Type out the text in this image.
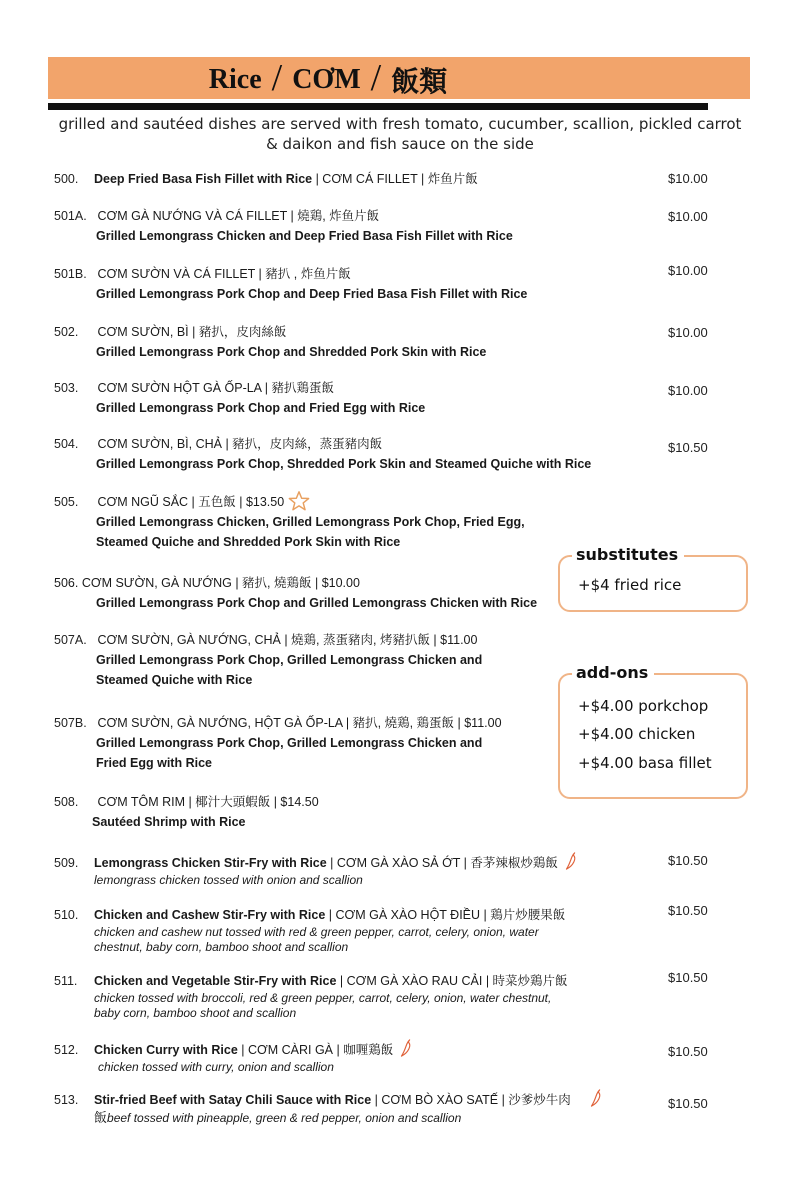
Rice / CƠM / 飯類
grilled and sautéed dishes are served with fresh tomato, cucumber, scallion, pickled carrot
& daikon and fish sauce on the side
500. Deep Fried Basa Fish Fillet with Rice | CƠM CÁ FILLET | 炸鱼片飯	$10.00
501A. CƠM GÀ NƯỚNG VÀ CÁ FILLET | 燒鶏, 炸鱼片飯
Grilled Lemongrass Chicken and Deep Fried Basa Fish Fillet with Rice
$10.00
501B. CƠM SƯỜN VÀ CÁ FILLET | 豬扒 , 炸鱼片飯
Grilled Lemongrass Pork Chop and Deep Fried Basa Fish Fillet with Rice
$10.00
502. CƠM SƯỜN, BÌ | 豬扒，皮肉絲飯
Grilled Lemongrass Pork Chop and Shredded Pork Skin with Rice
$10.00
503. CƠM SƯỜN HỘT GÀ ỐP-LA | 豬扒鶏蛋飯
Grilled Lemongrass Pork Chop and Fried Egg with Rice
$10.00
504. CƠM SƯỜN, BÌ, CHẢ | 豬扒，皮肉絲，蒸蛋豬肉飯
Grilled Lemongrass Pork Chop, Shredded Pork Skin and Steamed Quiche with Rice
$10.50
505. CƠM NGŨ SẮC | 五色飯 | $13.50
Grilled Lemongrass Chicken, Grilled Lemongrass Pork Chop, Fried Egg,
Steamed Quiche and Shredded Pork Skin with Rice
506. CƠM SƯỜN, GÀ NƯỚNG | 豬扒, 燒鶏飯 | $10.00
Grilled Lemongrass Pork Chop and Grilled Lemongrass Chicken with Rice
507A. CƠM SƯỜN, GÀ NƯỚNG, CHẢ | 燒鶏, 蒸蛋豬肉, 烤豬扒飯 | $11.00
Grilled Lemongrass Pork Chop, Grilled Lemongrass Chicken and
Steamed Quiche with Rice
507B. CƠM SƯỜN, GÀ NƯỚNG, HỘT GÀ ỐP-LA | 豬扒, 燒鶏, 鶏蛋飯 | $11.00
Grilled Lemongrass Pork Chop, Grilled Lemongrass Chicken and
Fried Egg with Rice
508. CƠM TÔM RIM | 椰汁大頭蝦飯 | $14.50
Sautéed Shrimp with Rice
509. Lemongrass Chicken Stir-Fry with Rice | CƠM GÀ XÀO SẢ ỚT | 香茅辣椒炒鶏飯
lemongrass chicken tossed with onion and scallion
$10.50
510. Chicken and Cashew Stir-Fry with Rice | CƠM GÀ XÀO HỘT ĐIỀU | 鶏片炒腰果飯
chicken and cashew nut tossed with red & green pepper, carrot, celery, onion, water
chestnut, baby corn, bamboo shoot and scallion
$10.50
511. Chicken and Vegetable Stir-Fry with Rice | CƠM GÀ XÀO RAU CẢI | 時菜炒鶏片飯
chicken tossed with broccoli, red & green pepper, carrot, celery, onion, water chestnut,
baby corn, bamboo shoot and scallion
$10.50
512. Chicken Curry with Rice | CƠM CÀRI GÀ | 咖喱鶏飯
chicken tossed with curry, onion and scallion
$10.50
513. Stir-fried Beef with Satay Chili Sauce with Rice | CƠM BÒ XÀO SATẾ | 沙爹炒牛肉
飯beef tossed with pineapple, green & red pepper, onion and scallion
$10.50
substitutes
+$4 fried rice
add-ons
+$4.00 porkchop
+$4.00 chicken
+$4.00 basa fillet
